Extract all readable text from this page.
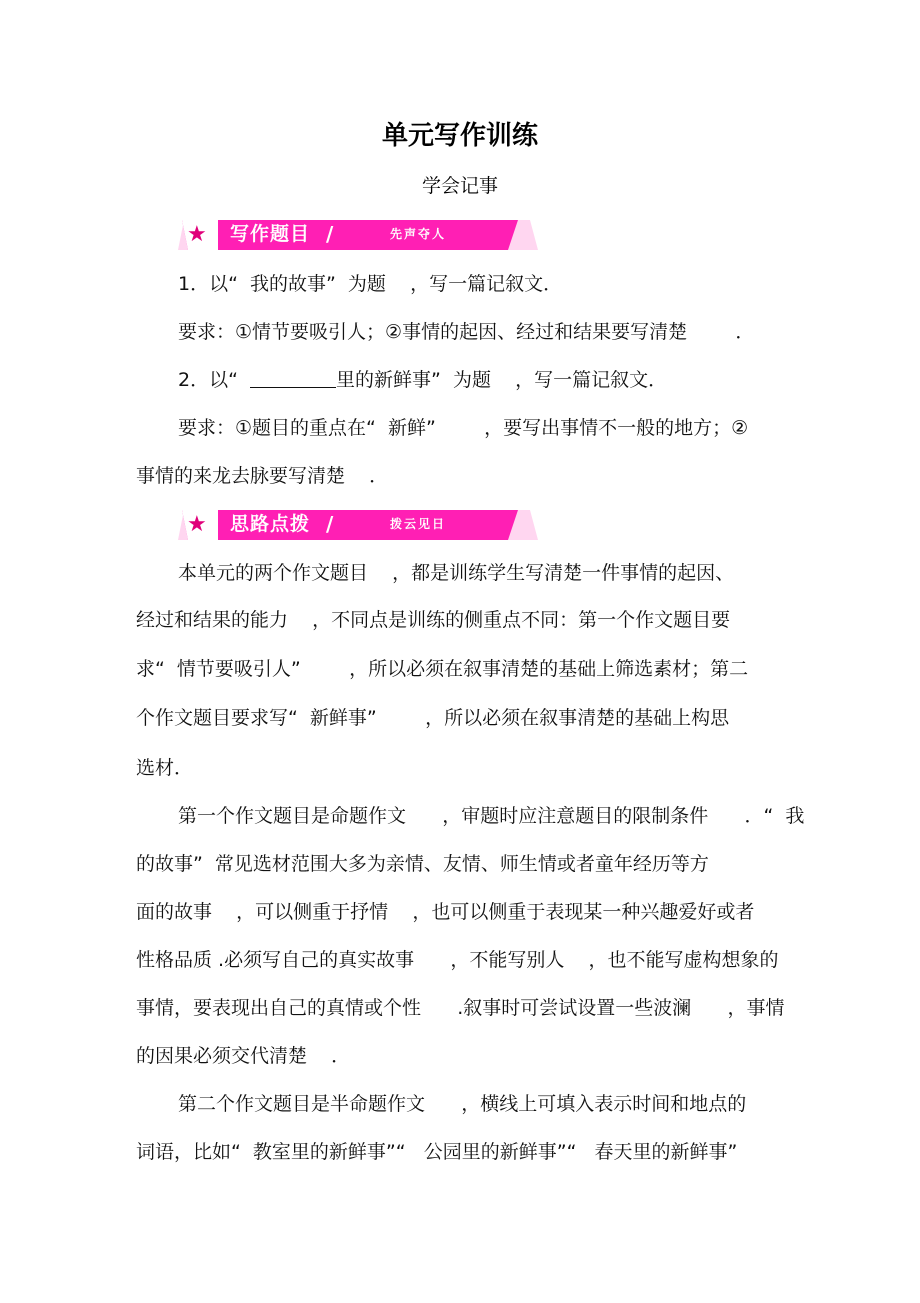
单元写作训练
学会记事
★ 写作题目 /	先声夺人
1．以“  我的故事”  为题    ，写一篇记叙文．
要求：①情节要吸引人；②事情的起因、经过和结果要写清楚        ．
2．以“	里的新鲜事”  为题    ，写一篇记叙文．
要求：①题目的重点在“  新鲜”        ，要写出事情不一般的地方；②
事情的来龙去脉要写清楚    ．
★ 思路点拨 /	拨云见日
本单元的两个作文题目    ，都是训练学生写清楚一件事情的起因、
经过和结果的能力    ，不同点是训练的侧重点不同：第一个作文题目要
求“  情节要吸引人”        ，所以必须在叙事清楚的基础上筛选素材；第二
个作文题目要求写“  新鲜事”        ，所以必须在叙事清楚的基础上构思
选材．
第一个作文题目是命题作文      ，审题时应注意题目的限制条件      ．“  我
的故事”  常见选材范围大多为亲情、友情、师生情或者童年经历等方
面的故事    ，可以侧重于抒情    ，也可以侧重于表现某一种兴趣爱好或者
性格品质 .必须写自己的真实故事      ，不能写别人    ，也不能写虚构想象的
事情，要表现出自己的真情或个性      .叙事时可尝试设置一些波澜      ，事情
的因果必须交代清楚    ．
第二个作文题目是半命题作文      ，横线上可填入表示时间和地点的
词语，比如“  教室里的新鲜事”“   公园里的新鲜事”“   春天里的新鲜事”
